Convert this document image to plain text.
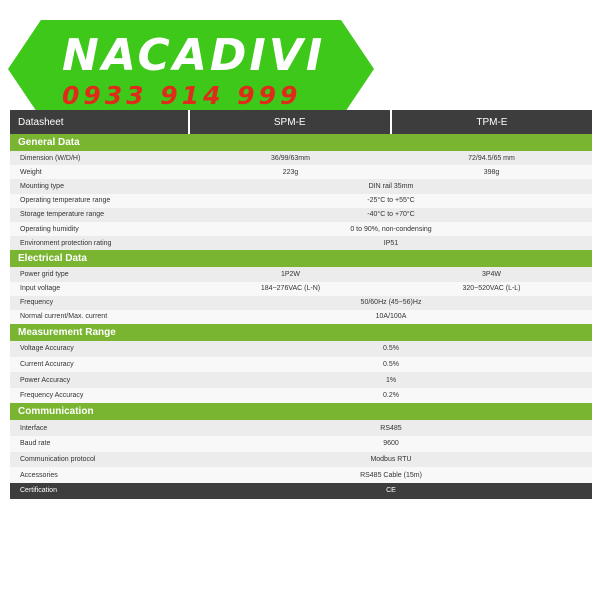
NACADIVI
0933 914 999
Datasheet	SPM-E	TPM-E
General Data
Dimension (W/D/H)	36/99/63mm	72/94.5/65 mm
Weight	223g	398g
Mounting type	DIN rail 35mm
Operating temperature range	-25°C to +55°C
Storage temperature range	-40°C to +70°C
Operating humidity	0 to 90%, non-condensing
Environment protection rating	IP51
Electrical Data
Power grid type	1P2W	3P4W
Input voltage	184~276VAC (L-N)	320~520VAC (L-L)
Frequency	50/60Hz (45~56)Hz
Normal current/Max. current	10A/100A
Measurement Range
Voltage Accuracy	0.5%
Current Accuracy	0.5%
Power Accuracy	1%
Frequency Accuracy	0.2%
Communication
Interface	RS485
Baud rate	9600
Communication protocol	Modbus RTU
Accessories	RS485 Cable (15m)
Certification	CE
